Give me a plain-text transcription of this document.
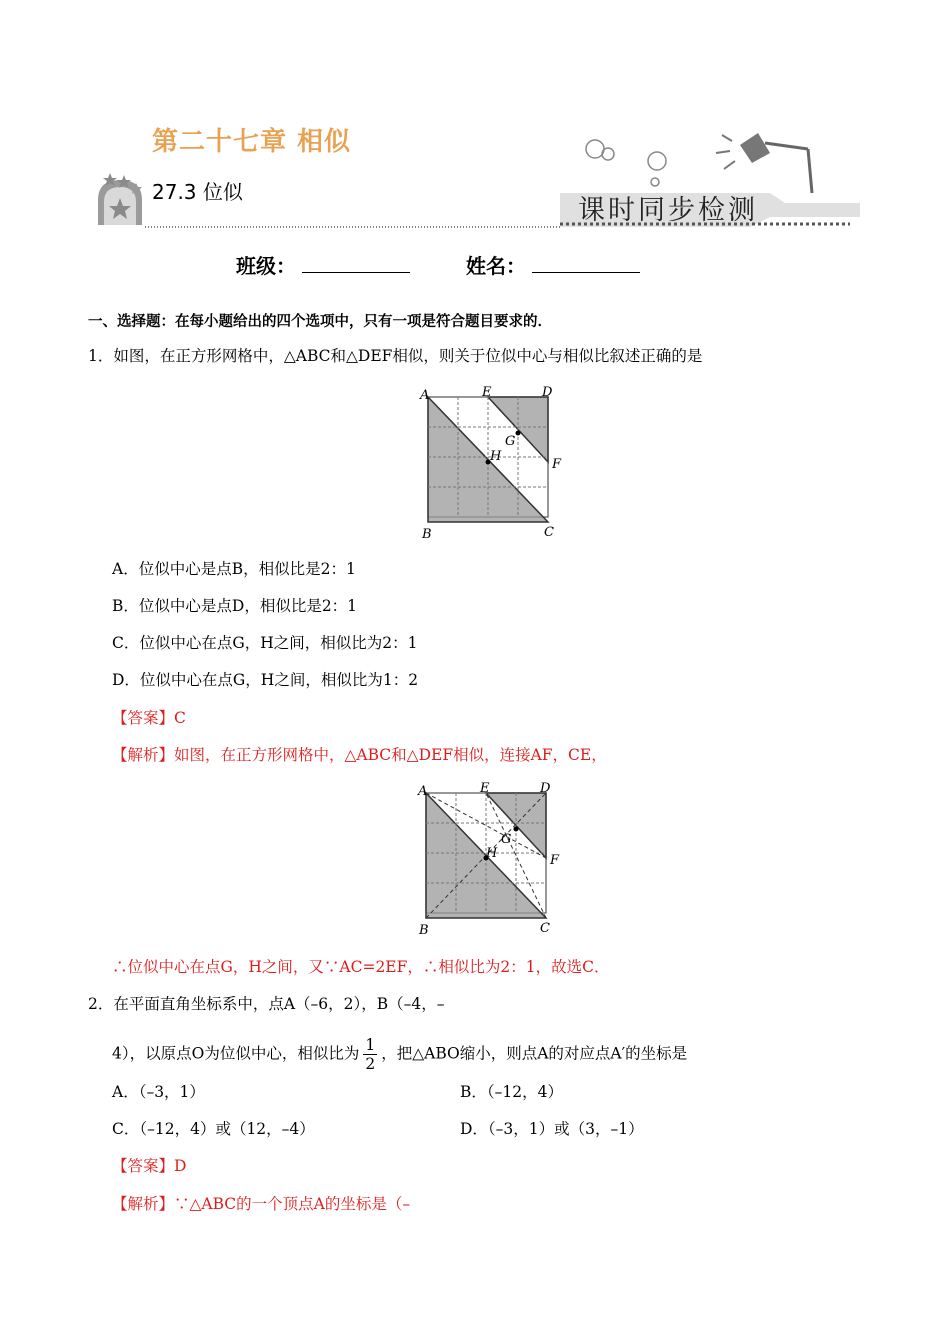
第二十七章 相似
27.3 位似
课时同步检测
班级：	姓名：
一、选择题：在每小题给出的四个选项中，只有一项是符合题目要求的．
1．如图，在正方形网格中，△ABC和△DEF相似，则关于位似中心与相似比叙述正确的是
A	E	D
G
H
F
B	C
A．位似中心是点B，相似比是2：1
B．位似中心是点D，相似比是2：1
C．位似中心在点G，H之间，相似比为2：1
D．位似中心在点G，H之间，相似比为1：2
【答案】C
【解析】如图，在正方形网格中，△ABC和△DEF相似，连接AF，CE，
A	E	D
G
H	F
B	C
∴位似中心在点G，H之间，又∵AC=2EF，∴相似比为2：1，故选C．
2．在平面直角坐标系中，点A（–6，2），B（–4，–
4），以原点O为位似中心，相似比为 $\frac{1}{2}$ ，把△ABO缩小，则点A的对应点A′的坐标是
A．（–3，1）	B．（–12，4）
C．（–12，4）或（12，–4）	D．（–3，1）或（3，–1）
【答案】D
【解析】∵△ABC的一个顶点A的坐标是（–
